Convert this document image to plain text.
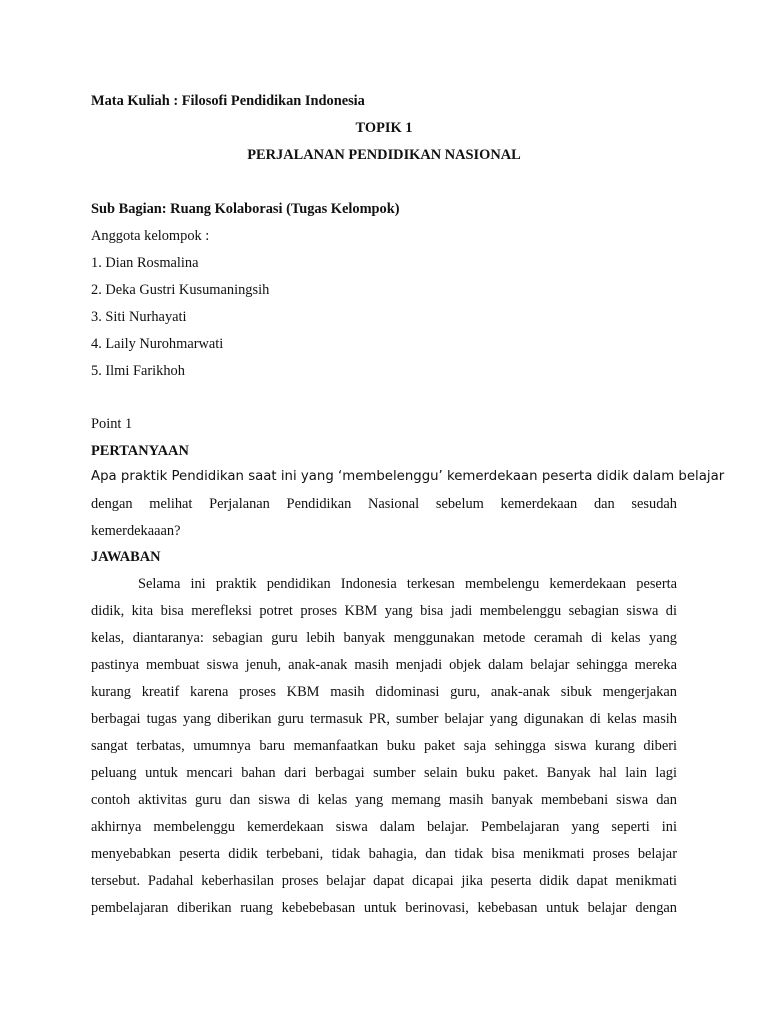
Mata Kuliah : Filosofi Pendidikan Indonesia
TOPIK 1
PERJALANAN PENDIDIKAN NASIONAL
Sub Bagian: Ruang Kolaborasi (Tugas Kelompok)
Anggota kelompok :
1. Dian Rosmalina
2. Deka Gustri Kusumaningsih
3. Siti Nurhayati
4. Laily Nurohmarwati
5. Ilmi Farikhoh
Point 1
PERTANYAAN
Apa praktik Pendidikan saat ini yang ‘membelenggu’ kemerdekaan peserta didik dalam belajar
dengan melihat Perjalanan Pendidikan Nasional sebelum kemerdekaan dan sesudah
kemerdekaaan?
JAWABAN
Selama ini praktik pendidikan Indonesia terkesan membelengu kemerdekaan peserta
didik, kita bisa merefleksi potret proses KBM yang bisa jadi membelenggu sebagian siswa di
kelas, diantaranya: sebagian guru lebih banyak menggunakan metode ceramah di kelas yang
pastinya membuat siswa jenuh, anak-anak masih menjadi objek dalam belajar sehingga mereka
kurang kreatif karena proses KBM masih didominasi guru, anak-anak sibuk mengerjakan
berbagai tugas yang diberikan guru termasuk PR, sumber belajar yang digunakan di kelas masih
sangat terbatas, umumnya baru memanfaatkan buku paket saja sehingga siswa kurang diberi
peluang untuk mencari bahan dari berbagai sumber selain buku paket. Banyak hal lain lagi
contoh aktivitas guru dan siswa di kelas yang memang masih banyak membebani siswa dan
akhirnya membelenggu kemerdekaan siswa dalam belajar. Pembelajaran yang seperti ini
menyebabkan peserta didik terbebani, tidak bahagia, dan tidak bisa menikmati proses belajar
tersebut. Padahal keberhasilan proses belajar dapat dicapai jika peserta didik dapat menikmati
pembelajaran diberikan ruang kebebebasan untuk berinovasi, kebebasan untuk belajar dengan
